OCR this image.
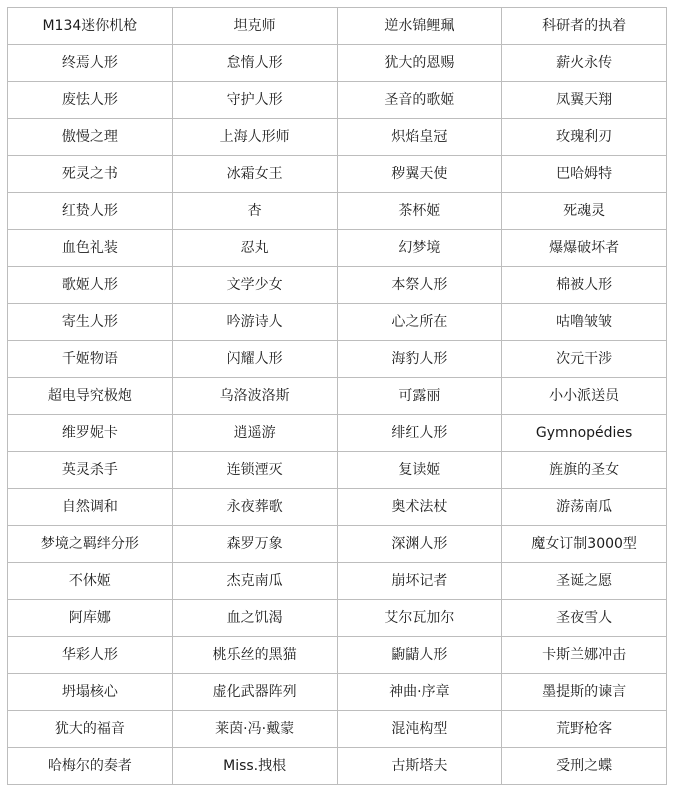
M134迷你机枪	坦克师	逆水锦鲤珮	科研者的执着
终焉人形	怠惰人形	犹大的恩赐	薪火永传
废怯人形	守护人形	圣音的歌姬	凤翼天翔
傲慢之理	上海人形师	炽焰皇冠	玫瑰利刃
死灵之书	冰霜女王	秽翼天使	巴哈姆特
红贽人形	杏	茶杯姬	死魂灵
血色礼装	忍丸	幻梦境	爆爆破坏者
歌姬人形	文学少女	本祭人形	棉被人形
寄生人形	吟游诗人	心之所在	咕噜皱皱
千姬物语	闪耀人形	海豹人形	次元干涉
超电导究极炮	乌洛波洛斯	可露丽	小小派送员
维罗妮卡	逍遥游	绯红人形	Gymnopédies
英灵杀手	连锁湮灭	复读姬	旌旗的圣女
自然调和	永夜葬歌	奥术法杖	游荡南瓜
梦境之羁绊分形	森罗万象	深渊人形	魔女订制3000型
不休姬	杰克南瓜	崩坏记者	圣诞之愿
阿库娜	血之饥渴	艾尔瓦加尔	圣夜雪人
华彩人形	桃乐丝的黑猫	鼩鼱人形	卡斯兰娜冲击
坍塌核心	虚化武器阵列	神曲·序章	墨提斯的谏言
犹大的福音	莱茵·冯·戴蒙	混沌构型	荒野枪客
哈梅尔的奏者	Miss.拽根	古斯塔夫	受刑之蝶
